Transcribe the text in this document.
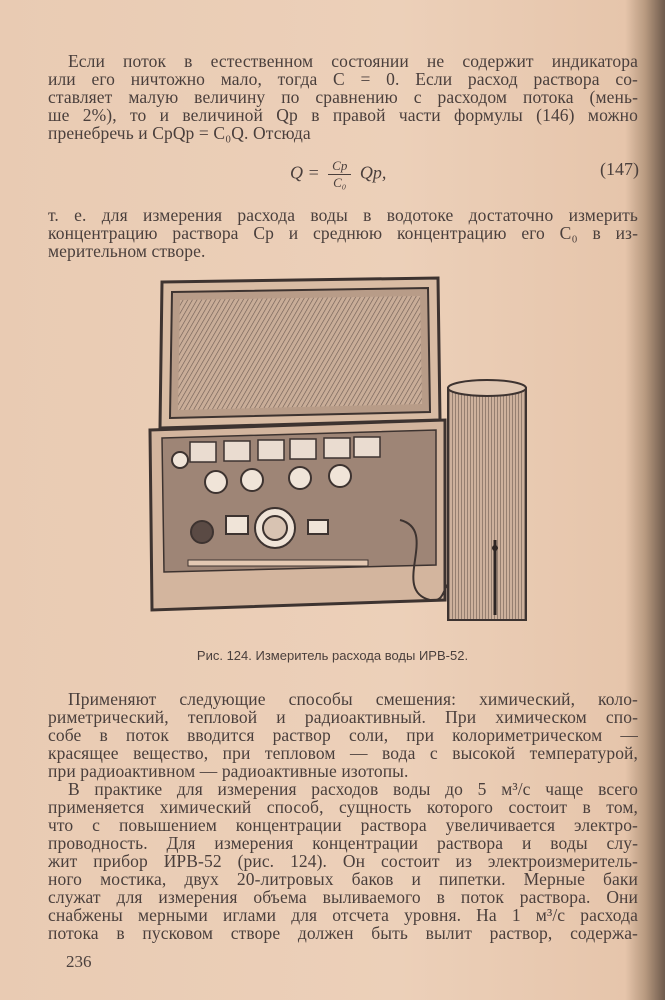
Если поток в естественном состоянии не содержит индикатора
или его ничтожно мало, тогда C = 0. Если расход раствора со-
ставляет малую величину по сравнению с расходом потока (мень-
ше 2%), то и величиной Qр в правой части формулы (146) можно
пренебречь и CрQр = C₀Q. Отсюда
$Q = \frac{Cр}{\text{C₀}}$ Qр,	(147)
т. е. для измерения расхода воды в водотоке достаточно измерить
концентрацию раствора Cр и среднюю концентрацию его C₀ в из-
мерительном створе.
Рис. 124. Измеритель расхода воды ИРВ-52.
Применяют следующие способы смешения: химический, коло-
риметрический, тепловой и радиоактивный. При химическом спо-
собе в поток вводится раствор соли, при колориметрическом —
красящее вещество, при тепловом — вода с высокой температурой,
при радиоактивном — радиоактивные изотопы.
В практике для измерения расходов воды до 5 м³/с чаще всего
применяется химический способ, сущность которого состоит в том,
что с повышением концентрации раствора увеличивается электро-
проводность. Для измерения концентрации раствора и воды слу-
жит прибор ИРВ-52 (рис. 124). Он состоит из электроизмеритель-
ного мостика, двух 20-литровых баков и пипетки. Мерные баки
служат для измерения объема выливаемого в поток раствора. Они
снабжены мерными иглами для отсчета уровня. На 1 м³/с расхода
потока в пусковом створе должен быть вылит раствор, содержа-
236
